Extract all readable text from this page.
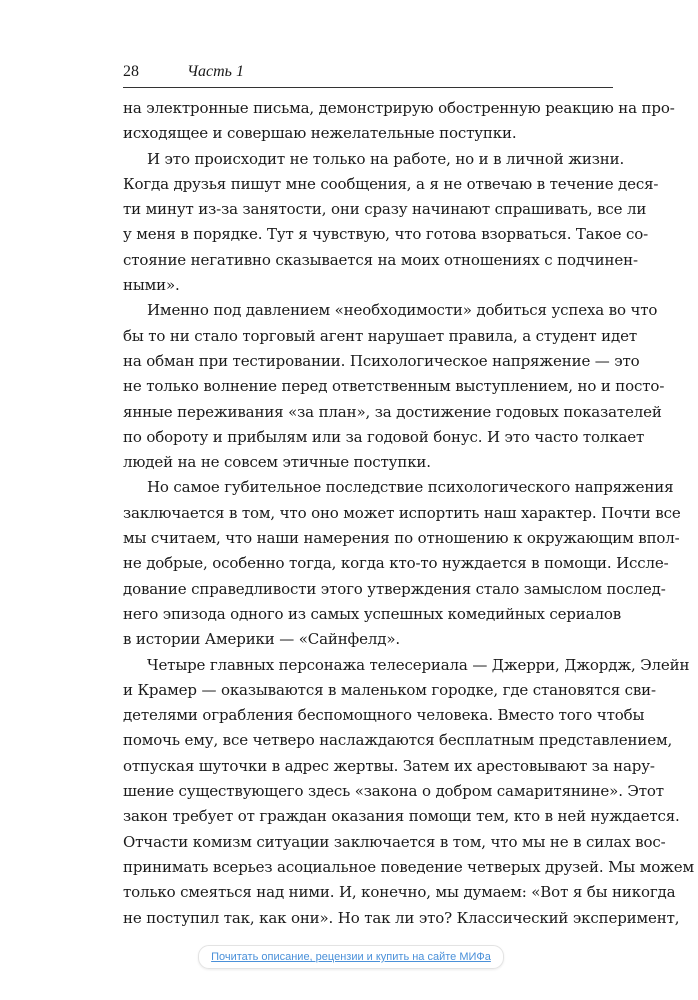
28	Часть 1

на электронные письма, демонстрирую обостренную реакцию на про-
исходящее и совершаю нежелательные поступки.

И это происходит не только на работе, но и в личной жизни.
Когда друзья пишут мне сообщения, а я не отвечаю в течение деся-
ти минут из-за занятости, они сразу начинают спрашивать, все ли
у меня в порядке. Тут я чувствую, что готова взорваться. Такое со-
стояние негативно сказывается на моих отношениях с подчинен-
ными».

Именно под давлением «необходимости» добиться успеха во что
бы то ни стало торговый агент нарушает правила, а студент идет
на обман при тестировании. Психологическое напряжение — это
не только волнение перед ответственным выступлением, но и посто-
янные переживания «за план», за достижение годовых показателей
по обороту и прибылям или за годовой бонус. И это часто толкает
людей на не совсем этичные поступки.

Но самое губительное последствие психологического напряжения
заключается в том, что оно может испортить наш характер. Почти все
мы считаем, что наши намерения по отношению к окружающим впол-
не добрые, особенно тогда, когда кто-то нуждается в помощи. Иссле-
дование справедливости этого утверждения стало замыслом послед-
него эпизода одного из самых успешных комедийных сериалов
в истории Америки — «Сайнфелд».

Четыре главных персонажа телесериала — Джерри, Джордж, Элейн
и Крамер — оказываются в маленьком городке, где становятся сви-
детелями ограбления беспомощного человека. Вместо того чтобы
помочь ему, все четверо наслаждаются бесплатным представлением,
отпуская шуточки в адрес жертвы. Затем их арестовывают за нару-
шение существующего здесь «закона о добром самаритянине». Этот
закон требует от граждан оказания помощи тем, кто в ней нуждается.
Отчасти комизм ситуации заключается в том, что мы не в силах вос-
принимать всерьез асоциальное поведение четверых друзей. Мы можем
только смеяться над ними. И, конечно, мы думаем: «Вот я бы никогда
не поступил так, как они». Но так ли это? Классический эксперимент,

Почитать описание, рецензии и купить на сайте МИФа
